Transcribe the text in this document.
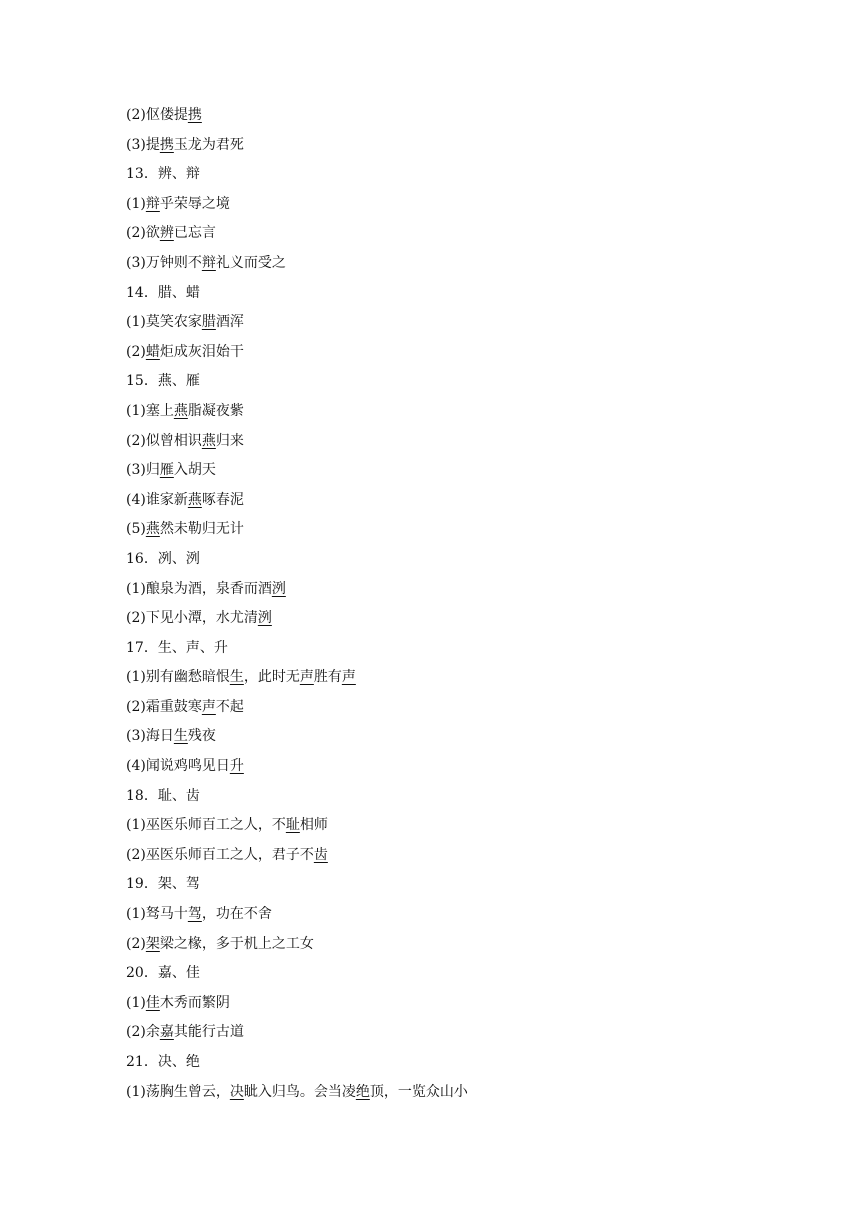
(2)伛偻提携
(3)提携玉龙为君死
13．辨、辩
(1)辩乎荣辱之境
(2)欲辨已忘言
(3)万钟则不辩礼义而受之
14．腊、蜡
(1)莫笑农家腊酒浑
(2)蜡炬成灰泪始干
15．燕、雁
(1)塞上燕脂凝夜紫
(2)似曾相识燕归来
(3)归雁入胡天
(4)谁家新燕啄春泥
(5)燕然未勒归无计
16．冽、洌
(1)酿泉为酒，泉香而酒洌
(2)下见小潭，水尤清洌
17．生、声、升
(1)别有幽愁暗恨生，此时无声胜有声
(2)霜重鼓寒声不起
(3)海日生残夜
(4)闻说鸡鸣见日升
18．耻、齿
(1)巫医乐师百工之人，不耻相师
(2)巫医乐师百工之人，君子不齿
19．架、驾
(1)驽马十驾，功在不舍
(2)架梁之椽，多于机上之工女
20．嘉、佳
(1)佳木秀而繁阴
(2)余嘉其能行古道
21．决、绝
(1)荡胸生曾云，决眦入归鸟。会当凌绝顶，一览众山小
